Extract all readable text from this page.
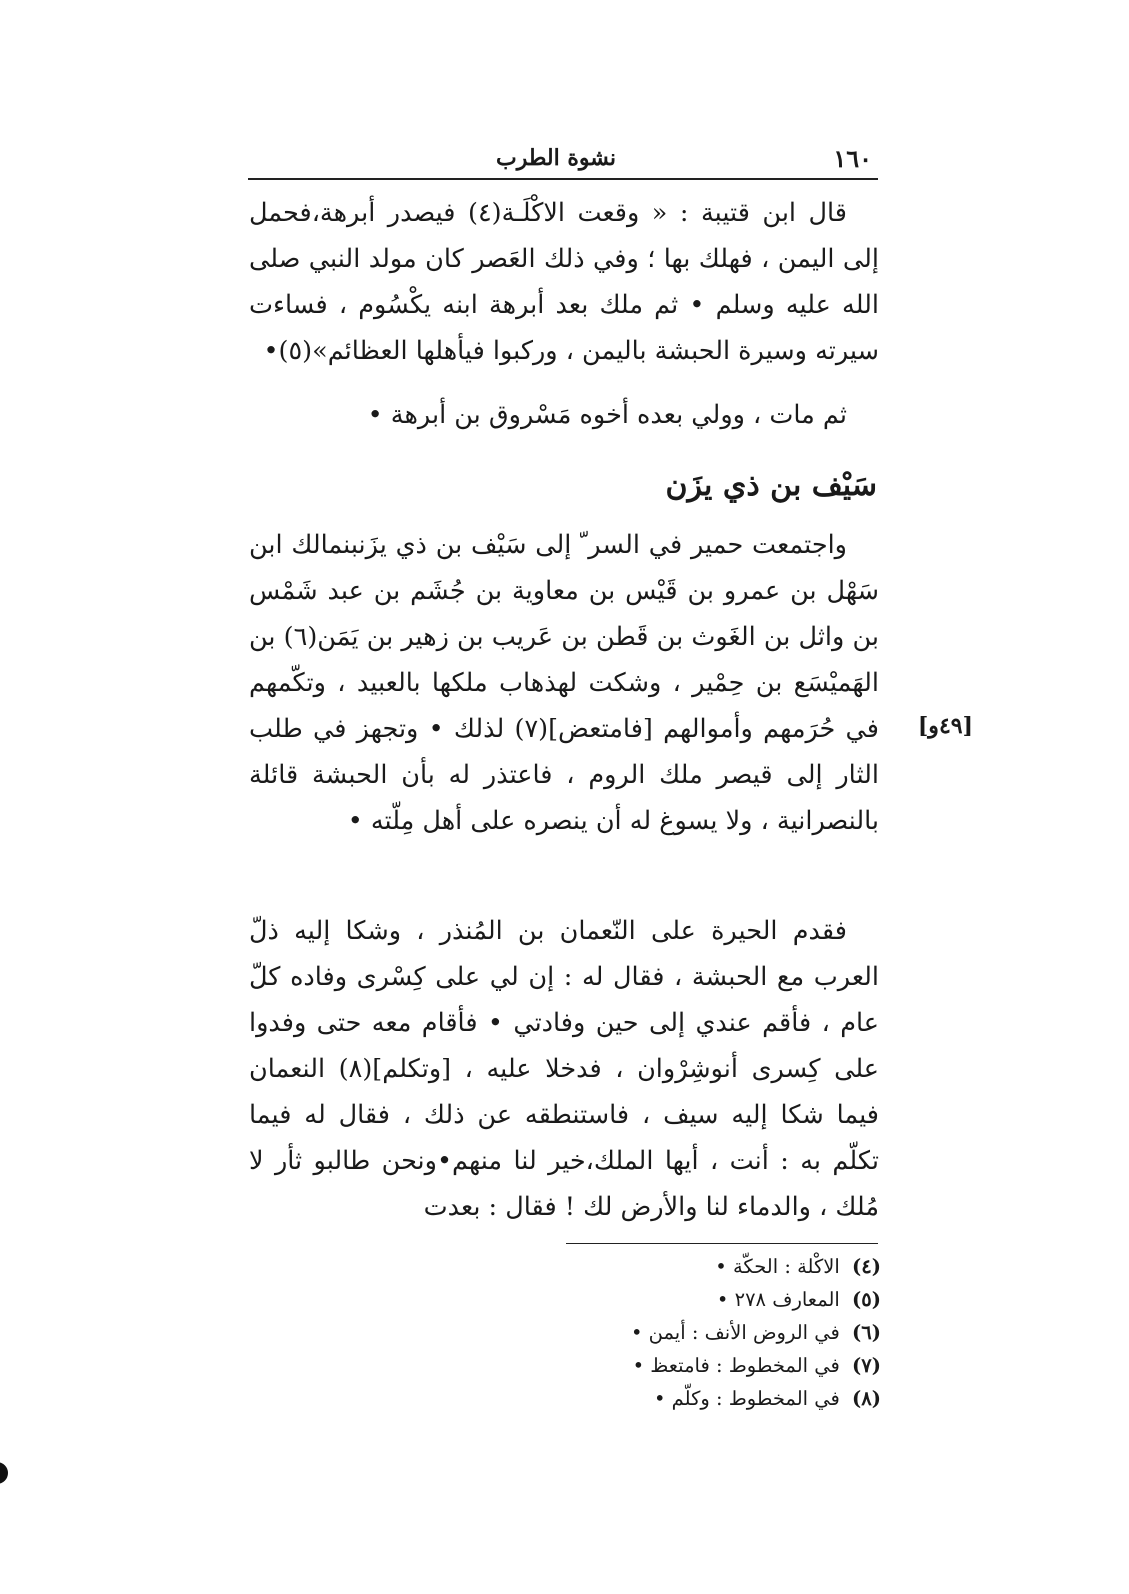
١٦٠
نشوة الطرب

قال ابن قتيبة : « وقعت الاكْلَـة(٤) فيصدر أبرهة،فحمل إلى اليمن ، فهلك بها ؛ وفي ذلك العَصر كان مولد النبي صلى الله عليه وسلم • ثم ملك بعد أبرهة ابنه يكْسُوم ، فساءت سيرته وسيرة الحبشة باليمن ، وركبوا فيأهلها العظائم»(٥)•

ثم مات ، وولي بعده أخوه مَسْروق بن أبرهة •

سَيْف بن ذي يزَن

واجتمعت حمير في السر ّ إلى سَيْف بن ذي يزَنبنمالك ابن سَهْل بن عمرو بن قَيْس بن معاوية بن جُشَم بن عبد شَمْس بن واثل بن الغَوث بن قَطن بن عَريب بن زهير بن يَمَن(٦) بن الهَميْسَع بن حِمْير ، وشكت لهذهاب ملكها بالعبيد ، وتكّمهم في حُرَمهم وأموالهم [فامتعض](٧) لذلك • وتجهز في طلب الثار إلى قيصر ملك الروم ، فاعتذر له بأن الحبشة قائلة بالنصرانية ، ولا يسوغ له أن ينصره على أهل مِلّته •

[٤٩و]

فقدم الحيرة على النّعمان بن المُنذر ، وشكا إليه ذلّ العرب مع الحبشة ، فقال له : إن لي على كِسْرى وفاده كلّ عام ، فأقم عندي إلى حين وفادتي • فأقام معه حتى وفدوا على كِسرى أنوشِرْوان ، فدخلا عليه ، [وتكلم](٨) النعمان فيما شكا إليه سيف ، فاستنطقه عن ذلك ، فقال له فيما تكلّم به : أنت ، أيها الملك،خير لنا منهم•ونحن طالبو ثأر لا مُلك ، والدماء لنا والأرض لك ! فقال : بعدت

(٤) الاكْلة : الحكّة •
(٥) المعارف ٢٧٨ •
(٦) في الروض الأنف : أيمن •
(٧) في المخطوط : فامتعظ •
(٨) في المخطوط : وكلّم •
